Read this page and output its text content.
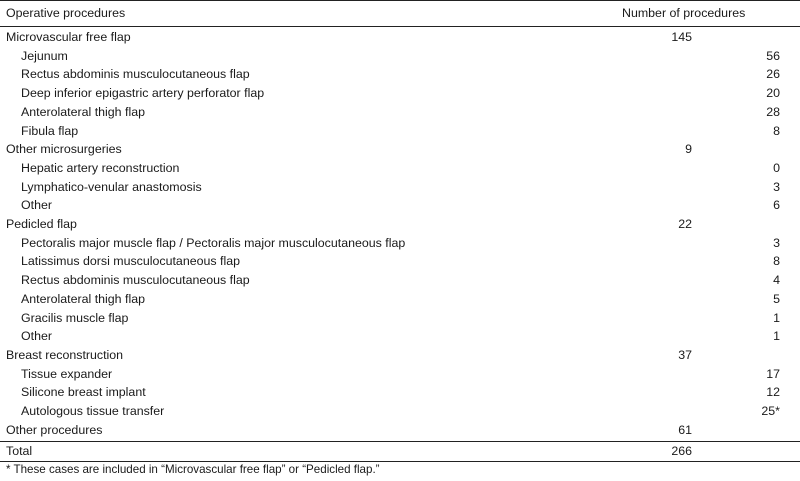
Operative procedures	Number of procedures
Microvascular free flap	145
Jejunum	56
Rectus abdominis musculocutaneous flap	26
Deep inferior epigastric artery perforator flap	20
Anterolateral thigh flap	28
Fibula flap	8
Other microsurgeries	9
Hepatic artery reconstruction	0
Lymphatico-venular anastomosis	3
Other	6
Pedicled flap	22
Pectoralis major muscle flap / Pectoralis major musculocutaneous flap	3
Latissimus dorsi musculocutaneous flap	8
Rectus abdominis musculocutaneous flap	4
Anterolateral thigh flap	5
Gracilis muscle flap	1
Other	1
Breast reconstruction	37
Tissue expander	17
Silicone breast implant	12
Autologous tissue transfer	25*
Other procedures	61
Total	266
* These cases are included in “Microvascular free flap” or “Pedicled flap.”
